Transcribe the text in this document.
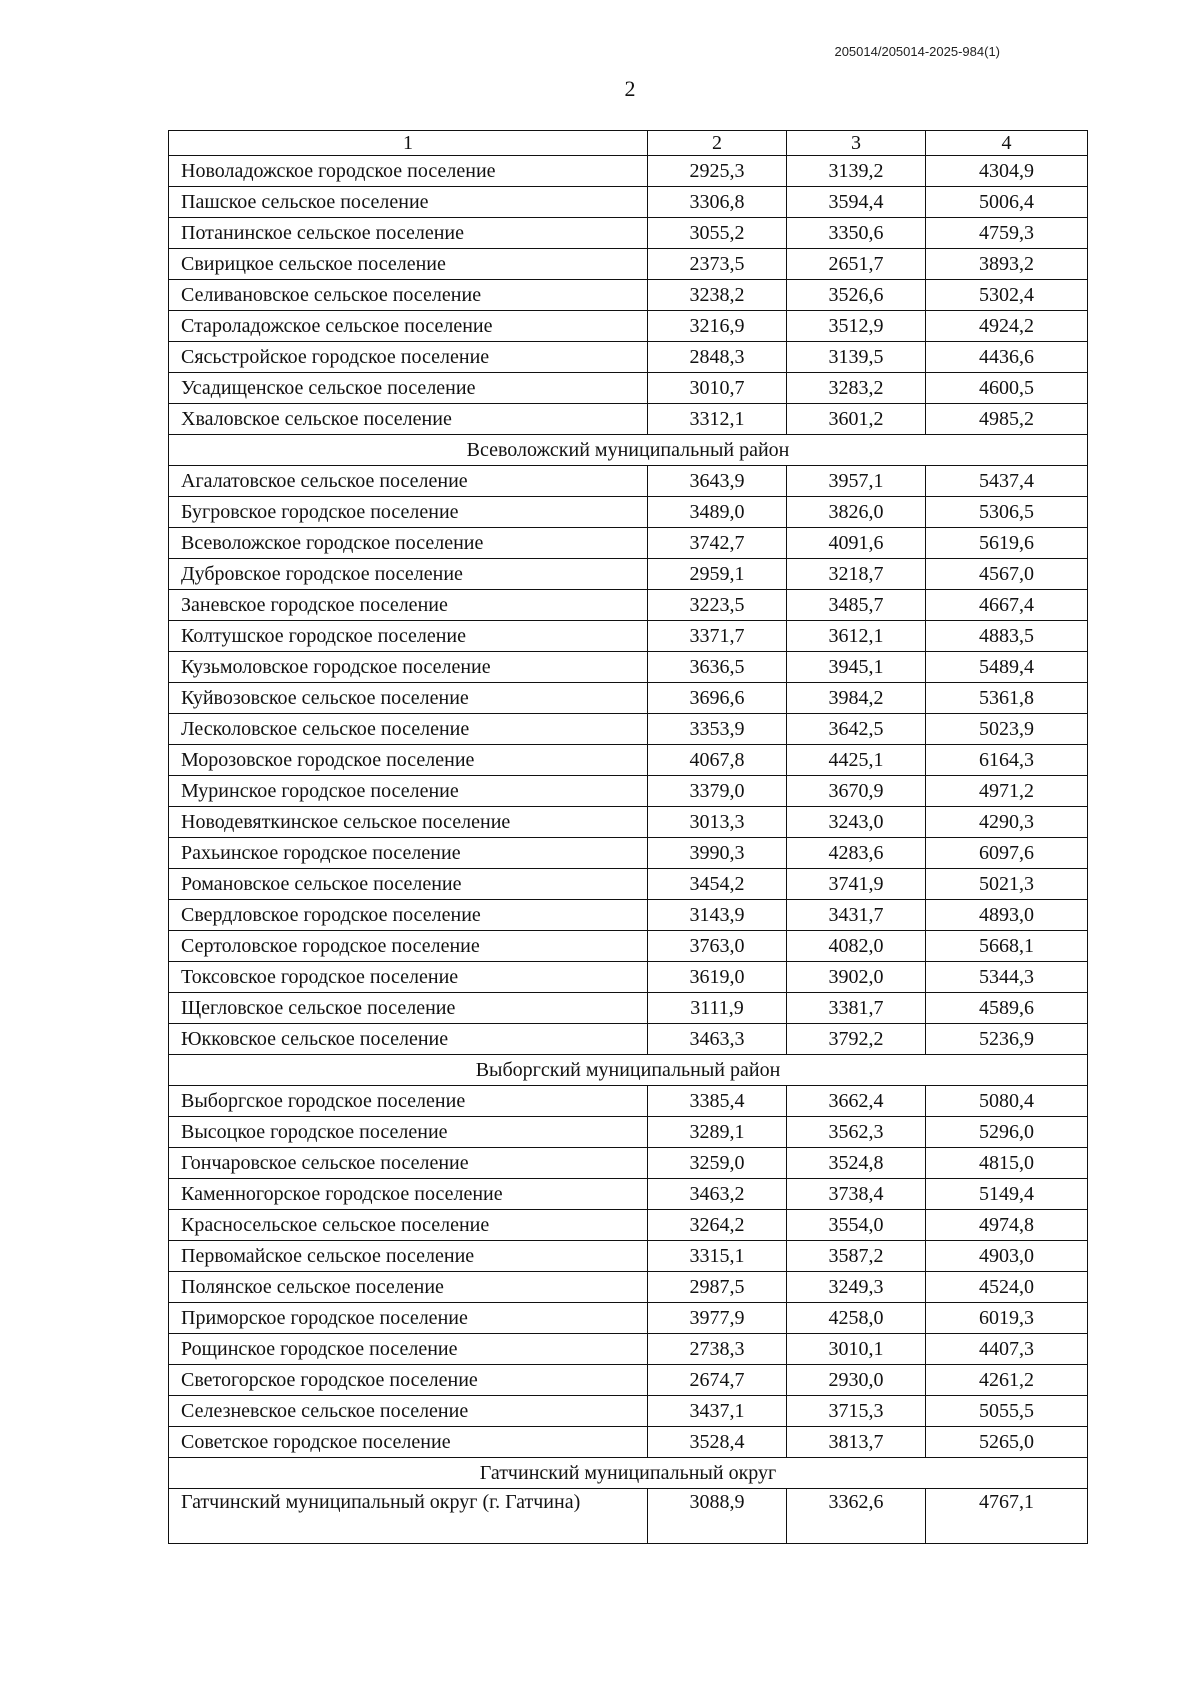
205014/205014-2025-984(1)
2
1	2	3	4
Новоладожское городское поселение	2925,3	3139,2	4304,9
Пашское сельское поселение	3306,8	3594,4	5006,4
Потанинское сельское поселение	3055,2	3350,6	4759,3
Свирицкое сельское поселение	2373,5	2651,7	3893,2
Селивановское сельское поселение	3238,2	3526,6	5302,4
Староладожское сельское поселение	3216,9	3512,9	4924,2
Сясьстройское городское поселение	2848,3	3139,5	4436,6
Усадищенское сельское поселение	3010,7	3283,2	4600,5
Хваловское сельское поселение	3312,1	3601,2	4985,2
Всеволожский муниципальный район			
Агалатовское сельское поселение	3643,9	3957,1	5437,4
Бугровское городское поселение	3489,0	3826,0	5306,5
Всеволожское городское поселение	3742,7	4091,6	5619,6
Дубровское городское поселение	2959,1	3218,7	4567,0
Заневское городское поселение	3223,5	3485,7	4667,4
Колтушское городское поселение	3371,7	3612,1	4883,5
Кузьмоловское городское поселение	3636,5	3945,1	5489,4
Куйвозовское сельское поселение	3696,6	3984,2	5361,8
Лесколовское сельское поселение	3353,9	3642,5	5023,9
Морозовское городское поселение	4067,8	4425,1	6164,3
Муринское городское поселение	3379,0	3670,9	4971,2
Новодевяткинское сельское поселение	3013,3	3243,0	4290,3
Рахьинское городское поселение	3990,3	4283,6	6097,6
Романовское сельское поселение	3454,2	3741,9	5021,3
Свердловское городское поселение	3143,9	3431,7	4893,0
Сертоловское городское поселение	3763,0	4082,0	5668,1
Токсовское городское поселение	3619,0	3902,0	5344,3
Щегловское сельское поселение	3111,9	3381,7	4589,6
Юкковское сельское поселение	3463,3	3792,2	5236,9
Выборгский муниципальный район			
Выборгское городское поселение	3385,4	3662,4	5080,4
Высоцкое городское поселение	3289,1	3562,3	5296,0
Гончаровское сельское поселение	3259,0	3524,8	4815,0
Каменногорское городское поселение	3463,2	3738,4	5149,4
Красносельское сельское поселение	3264,2	3554,0	4974,8
Первомайское сельское поселение	3315,1	3587,2	4903,0
Полянское сельское поселение	2987,5	3249,3	4524,0
Приморское городское поселение	3977,9	4258,0	6019,3
Рощинское городское поселение	2738,3	3010,1	4407,3
Светогорское городское поселение	2674,7	2930,0	4261,2
Селезневское сельское поселение	3437,1	3715,3	5055,5
Советское городское поселение	3528,4	3813,7	5265,0
Гатчинский муниципальный округ			
Гатчинский муниципальный округ (г. Гатчина)	3088,9	3362,6	4767,1
